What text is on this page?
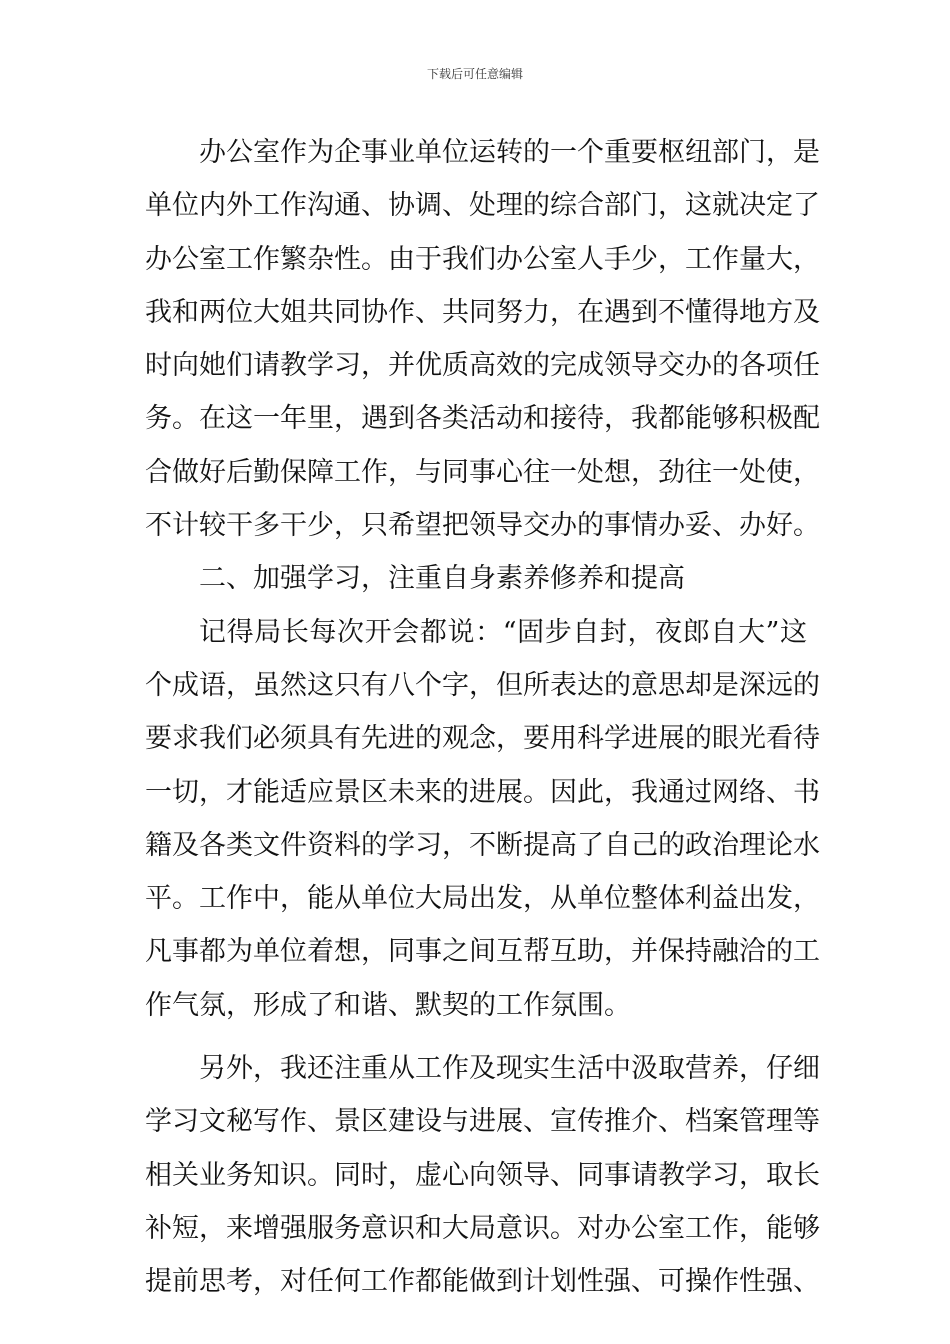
下载后可任意编辑
办公室作为企事业单位运转的一个重要枢纽部门，是
单位内外工作沟通、协调、处理的综合部门，这就决定了
办公室工作繁杂性。由于我们办公室人手少，工作量大，
我和两位大姐共同协作、共同努力，在遇到不懂得地方及
时向她们请教学习，并优质高效的完成领导交办的各项任
务。在这一年里，遇到各类活动和接待，我都能够积极配
合做好后勤保障工作，与同事心往一处想，劲往一处使，
不计较干多干少，只希望把领导交办的事情办妥、办好。
二、加强学习，注重自身素养修养和提高
记得局长每次开会都说：“固步自封，夜郎自大”这
个成语，虽然这只有八个字，但所表达的意思却是深远的
要求我们必须具有先进的观念，要用科学进展的眼光看待
一切，才能适应景区未来的进展。因此，我通过网络、书
籍及各类文件资料的学习，不断提高了自己的政治理论水
平。工作中，能从单位大局出发，从单位整体利益出发，
凡事都为单位着想，同事之间互帮互助，并保持融洽的工
作气氛，形成了和谐、默契的工作氛围。
另外，我还注重从工作及现实生活中汲取营养，仔细
学习文秘写作、景区建设与进展、宣传推介、档案管理等
相关业务知识。同时，虚心向领导、同事请教学习，取长
补短，来增强服务意识和大局意识。对办公室工作，能够
提前思考，对任何工作都能做到计划性强、可操作性强、
